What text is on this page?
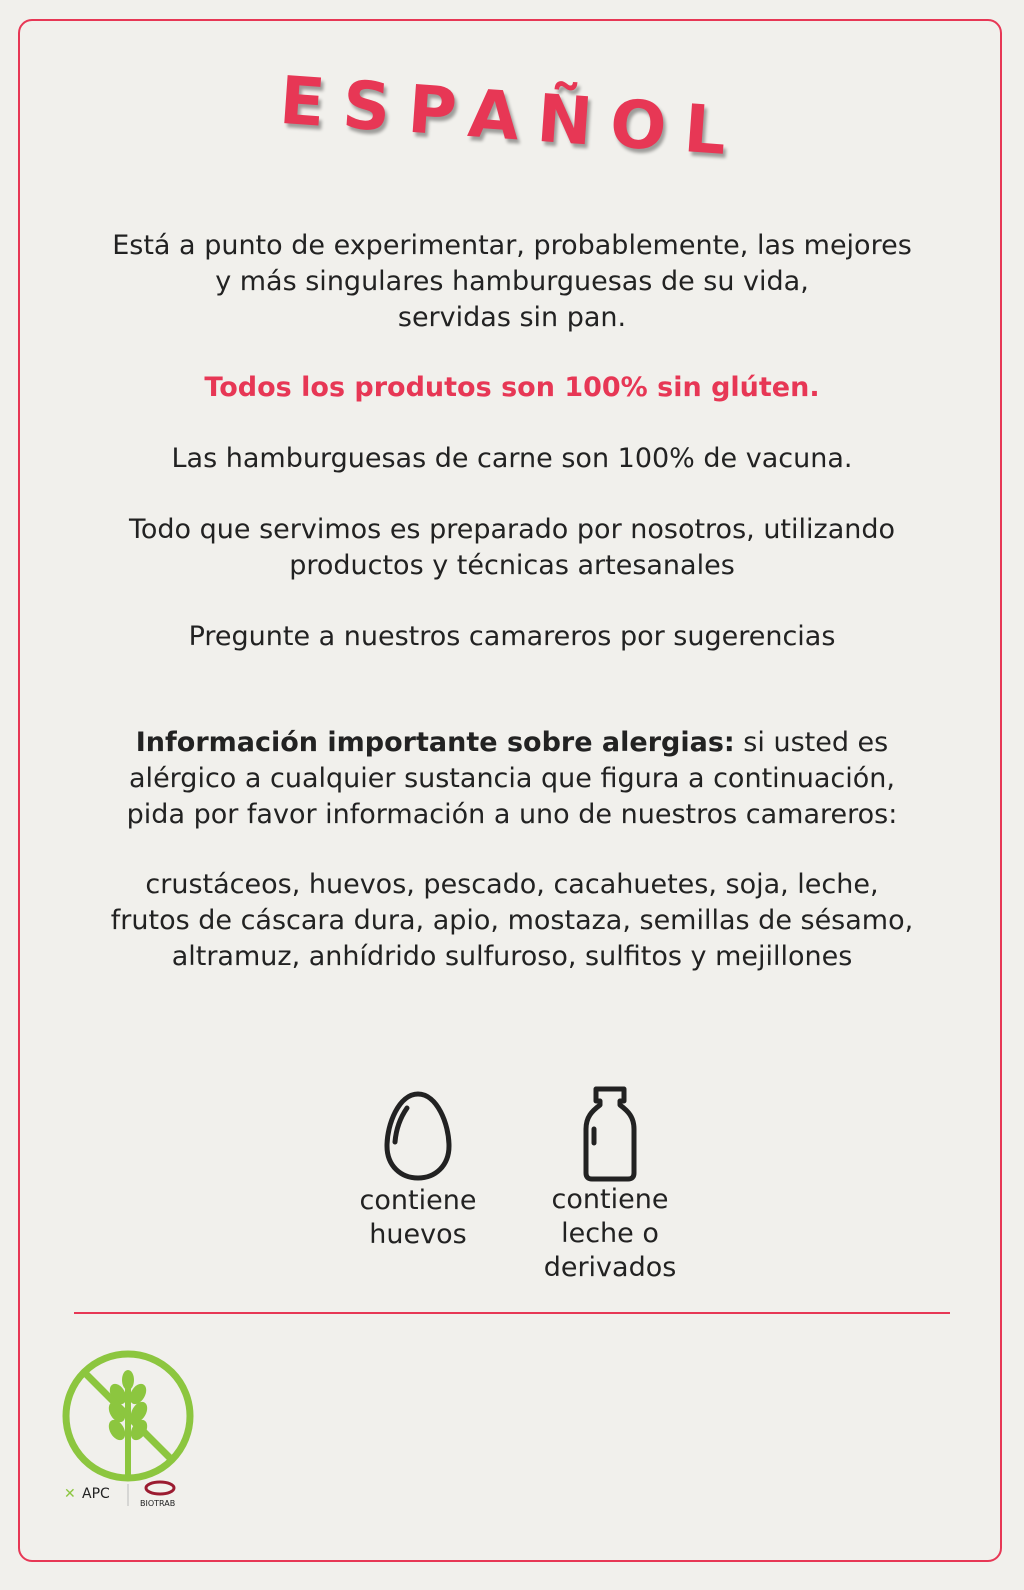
ESPAÑOL
Está a punto de experimentar, probablemente, las mejores
y más singulares hamburguesas de su vida,
servidas sin pan.
Todos los produtos son 100% sin glúten.
Las hamburguesas de carne son 100% de vacuna.
Todo que servimos es preparado por nosotros, utilizando
productos y técnicas artesanales
Pregunte a nuestros camareros por sugerencias
Información importante sobre alergias: si usted es
alérgico a cualquier sustancia que figura a continuación,
pida por favor información a uno de nuestros camareros:
crustáceos, huevos, pescado, cacahuetes, soja, leche,
frutos de cáscara dura, apio, mostaza, semillas de sésamo,
altramuz, anhídrido sulfuroso, sulfitos y mejillones
contiene
huevos
contiene
leche o
derivados
✕ APC
BIOTRAB
